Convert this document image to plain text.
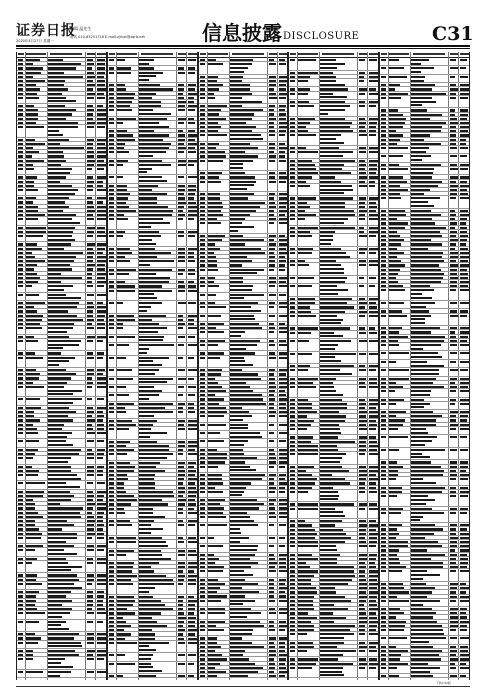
证券日报
编辑 温先生
电话 010-83251716 E-mail:zjrbzt@zqrb.net
2020年4月27日 星期一	信息披露 DISCLOSURE	C31
下转C32版
